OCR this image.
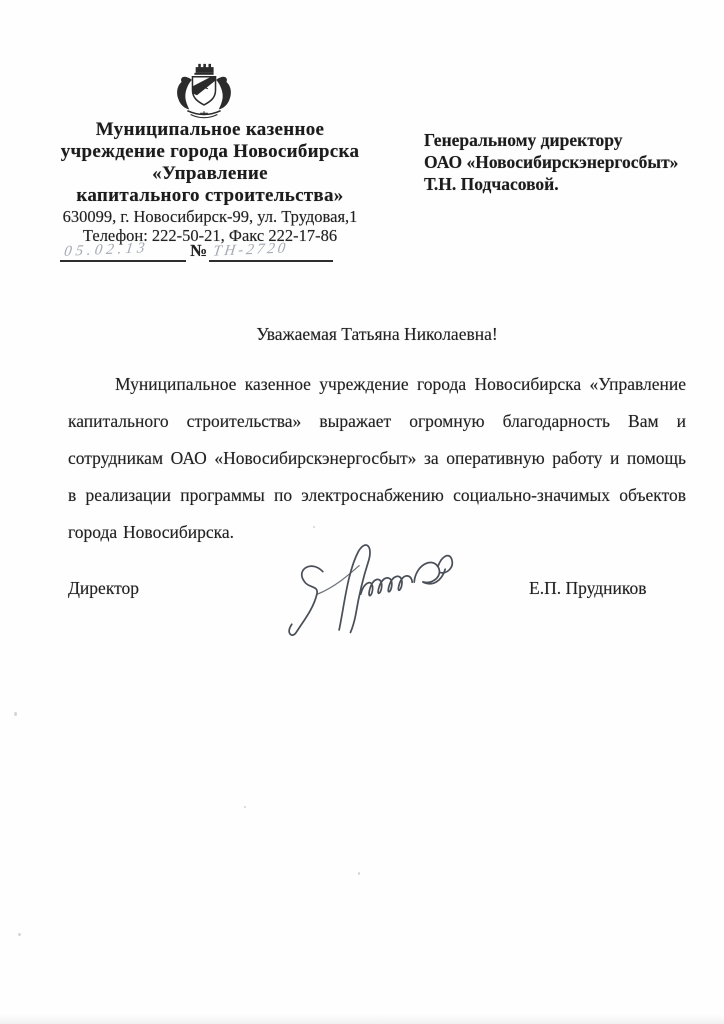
Муниципальное казенное
учреждение города Новосибирска
«Управление
капитального строительства»
630099, г. Новосибирск-99, ул. Трудовая,1
Телефон: 222-50-21, Факс 222-17-86
05.02.13 № ТН-2720
Генеральному директору
ОАО «Новосибирскэнергосбыт»
Т.Н. Подчасовой.
Уважаемая Татьяна Николаевна!
Муниципальное казенное учреждение города Новосибирска «Управление капитального строительства» выражает огромную благодарность Вам и сотрудникам ОАО «Новосибирскэнергосбыт» за оперативную работу и помощь в реализации программы по электроснабжению социально-значимых объектов города Новосибирска.
Директор	Е.П. Прудников
